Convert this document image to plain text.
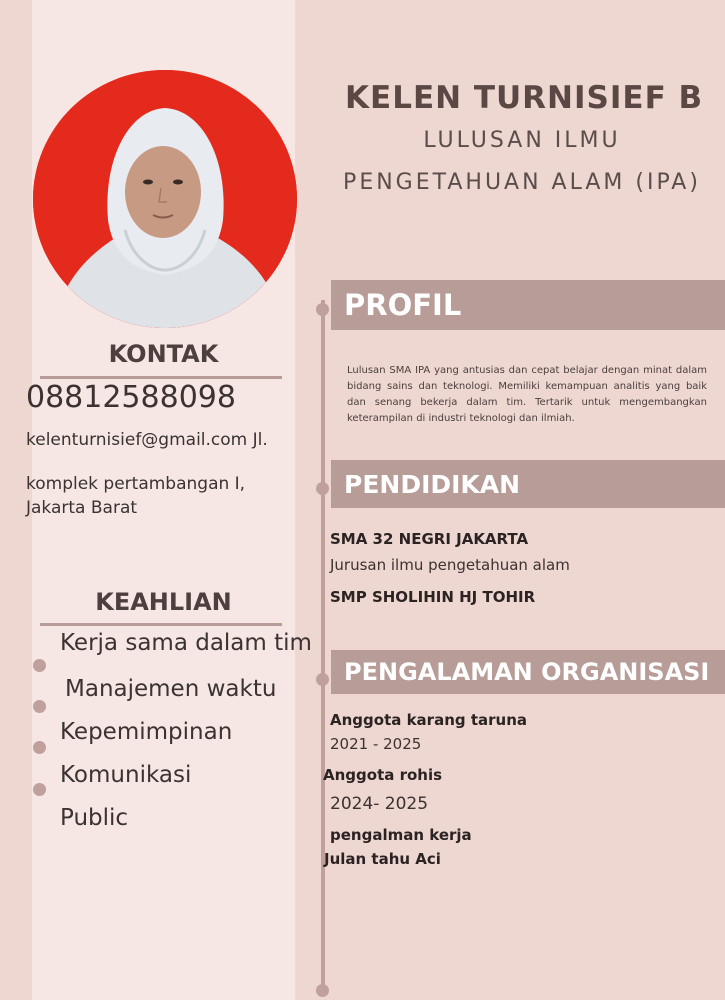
KELEN TURNISIEF B
LULUSAN ILMU
PENGETAHUAN ALAM (IPA)
PROFIL
Lulusan SMA IPA yang antusias dan cepat belajar dengan minat dalam bidang sains dan teknologi. Memiliki kemampuan analitis yang baik dan senang bekerja dalam tim. Tertarik untuk mengembangkan keterampilan di industri teknologi dan ilmiah.
PENDIDIKAN
SMA 32 NEGRI JAKARTA
Jurusan ilmu pengetahuan alam
SMP SHOLIHIN HJ TOHIR
PENGALAMAN ORGANISASI
Anggota karang taruna
2021 - 2025
Anggota rohis
2024- 2025
pengalman kerja
Julan tahu Aci
KONTAK
08812588098
kelenturnisief@gmail.com Jl.
komplek pertambangan I, Jakarta Barat
KEAHLIAN
Kerja sama dalam tim
Manajemen waktu
Kepemimpinan
Komunikasi
Public
